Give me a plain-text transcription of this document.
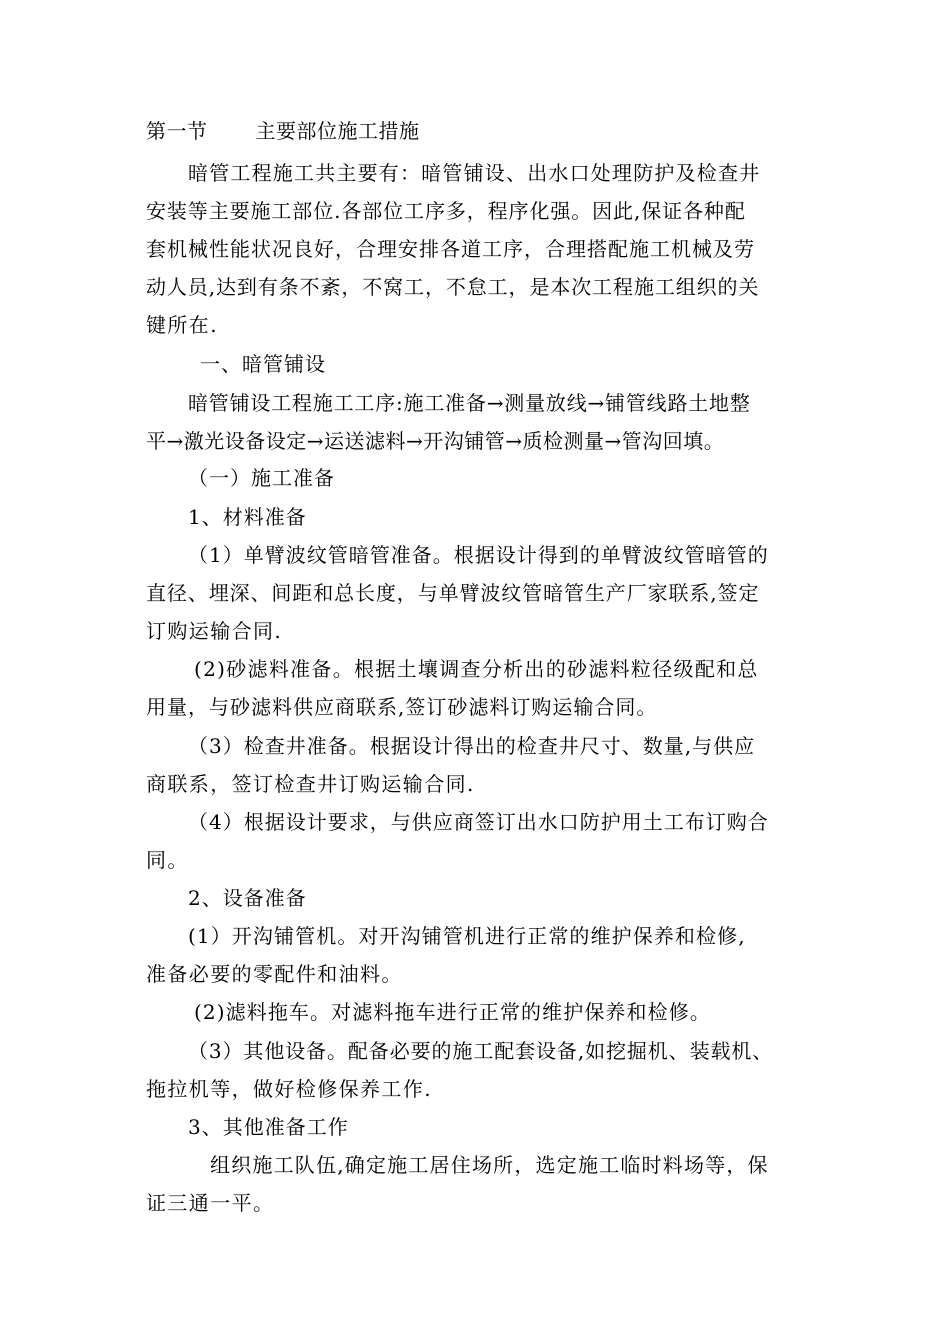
第一节 主要部位施工措施
暗管工程施工共主要有：暗管铺设、出水口处理防护及检查井
安装等主要施工部位.各部位工序多，程序化强。因此,保证各种配
套机械性能状况良好，合理安排各道工序，合理搭配施工机械及劳
动人员,达到有条不紊，不窝工，不怠工，是本次工程施工组织的关
键所在.
一、暗管铺设
暗管铺设工程施工工序:施工准备→测量放线→铺管线路土地整
平→激光设备设定→运送滤料→开沟铺管→质检测量→管沟回填。
（一）施工准备
1、材料准备
（1）单臂波纹管暗管准备。根据设计得到的单臂波纹管暗管的
直径、埋深、间距和总长度，与单臂波纹管暗管生产厂家联系,签定
订购运输合同.
(2)砂滤料准备。根据土壤调查分析出的砂滤料粒径级配和总
用量，与砂滤料供应商联系,签订砂滤料订购运输合同。
（3）检查井准备。根据设计得出的检查井尺寸、数量,与供应
商联系，签订检查井订购运输合同.
（4）根据设计要求，与供应商签订出水口防护用土工布订购合
同。
2、设备准备
(1）开沟铺管机。对开沟铺管机进行正常的维护保养和检修,
准备必要的零配件和油料。
(2)滤料拖车。对滤料拖车进行正常的维护保养和检修。
（3）其他设备。配备必要的施工配套设备,如挖掘机、装载机、
拖拉机等，做好检修保养工作.
3、其他准备工作
组织施工队伍,确定施工居住场所，选定施工临时料场等，保
证三通一平。
